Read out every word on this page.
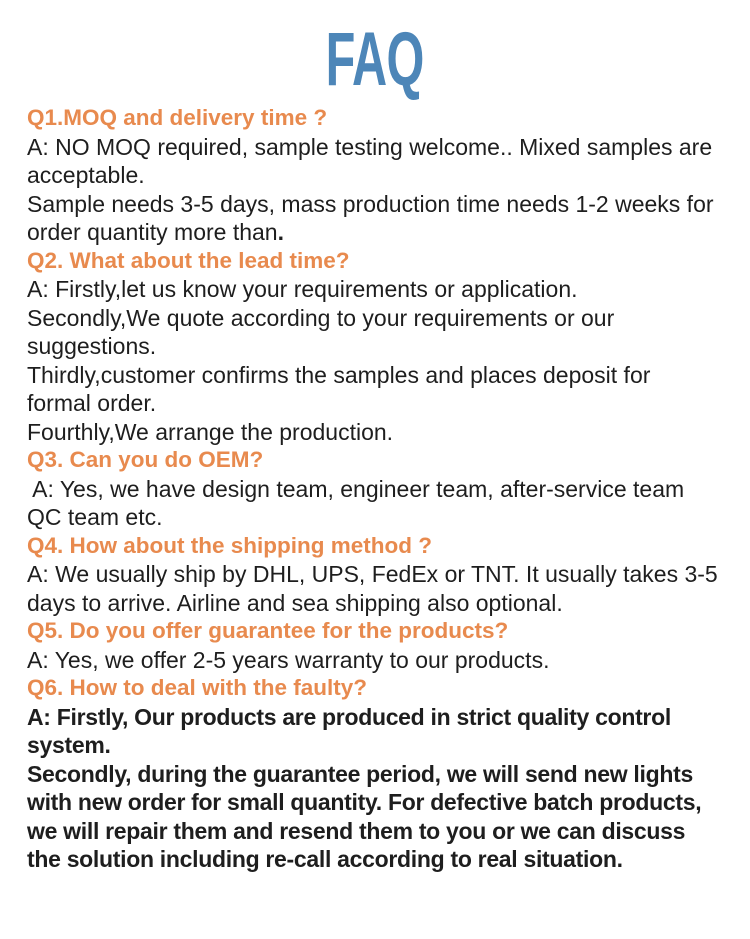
FAQ
Q1.MOQ and delivery time ?
A: NO MOQ required, sample testing welcome.. Mixed samples are
acceptable.
Sample needs 3-5 days, mass production time needs 1-2 weeks for
order quantity more than.
Q2. What about the lead time?
A: Firstly,let us know your requirements or application.
Secondly,We quote according to your requirements or our
suggestions.
Thirdly,customer confirms the samples and places deposit for
formal order.
Fourthly,We arrange the production.
Q3. Can you do OEM?
A: Yes, we have design team, engineer team, after-service team
QC team etc.
Q4. How about the shipping method ?
A: We usually ship by DHL, UPS, FedEx or TNT. It usually takes 3-5
days to arrive. Airline and sea shipping also optional.
Q5. Do you offer guarantee for the products?
A: Yes, we offer 2-5 years warranty to our products.
Q6. How to deal with the faulty?
A: Firstly, Our products are produced in strict quality control
system.
Secondly, during the guarantee period, we will send new lights
with new order for small quantity. For defective batch products,
we will repair them and resend them to you or we can discuss
the solution including re-call according to real situation.
